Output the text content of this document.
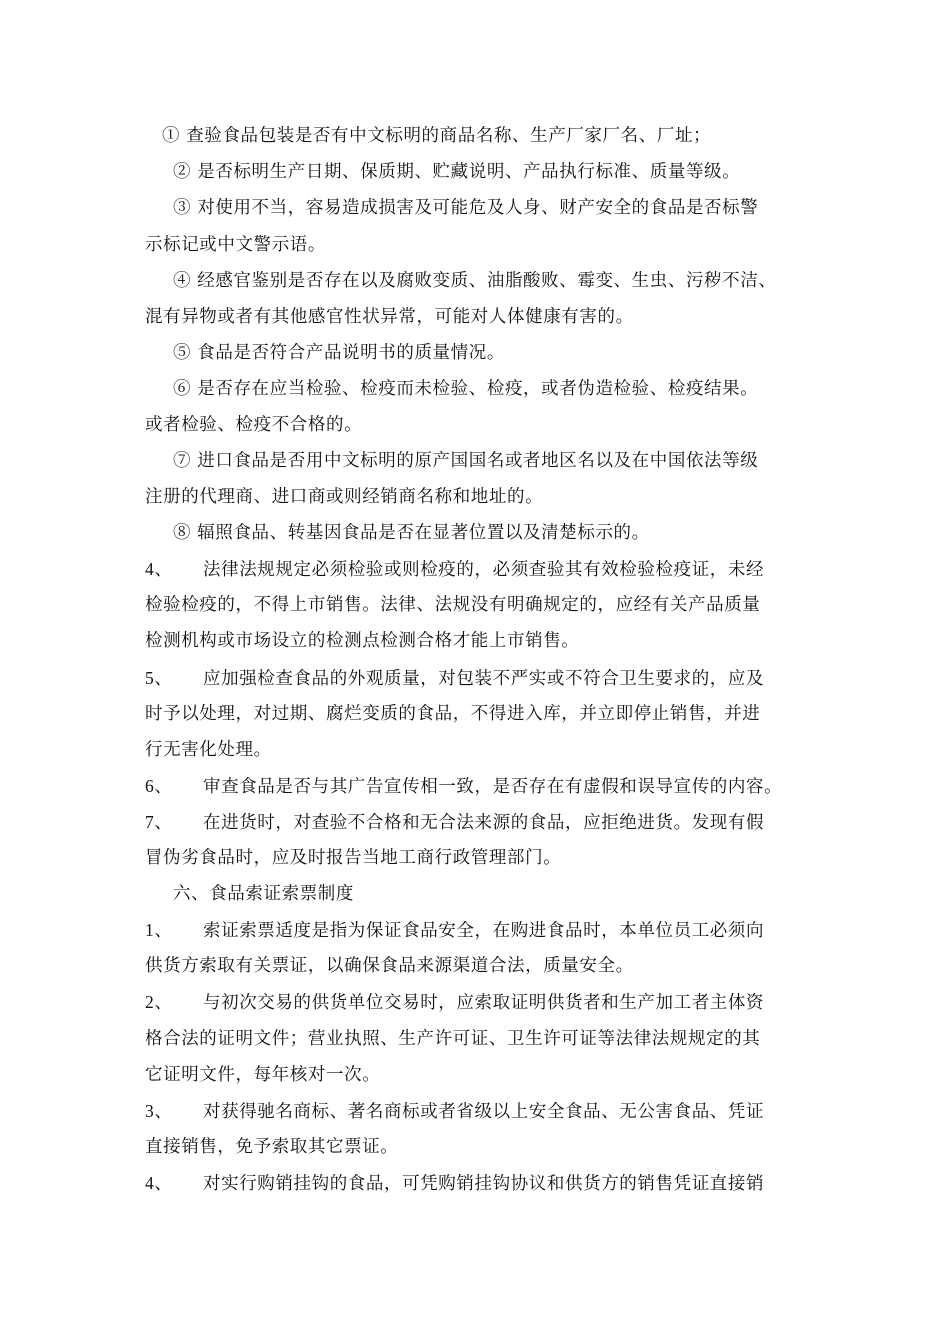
① 查验食品包装是否有中文标明的商品名称、生产厂家厂名、厂址；
② 是否标明生产日期、保质期、贮藏说明、产品执行标准、质量等级。
③ 对使用不当，容易造成损害及可能危及人身、财产安全的食品是否标警
示标记或中文警示语。
④ 经感官鉴别是否存在以及腐败变质、油脂酸败、霉变、生虫、污秽不洁、
混有异物或者有其他感官性状异常，可能对人体健康有害的。
⑤ 食品是否符合产品说明书的质量情况。
⑥ 是否存在应当检验、检疫而未检验、检疫，或者伪造检验、检疫结果。
或者检验、检疫不合格的。
⑦ 进口食品是否用中文标明的原产国国名或者地区名以及在中国依法等级
注册的代理商、进口商或则经销商名称和地址的。
⑧ 辐照食品、转基因食品是否在显著位置以及清楚标示的。
4、 法律法规规定必须检验或则检疫的，必须查验其有效检验检疫证，未经
检验检疫的，不得上市销售。法律、法规没有明确规定的，应经有关产品质量
检测机构或市场设立的检测点检测合格才能上市销售。
5、 应加强检查食品的外观质量，对包装不严实或不符合卫生要求的，应及
时予以处理，对过期、腐烂变质的食品，不得进入库，并立即停止销售，并进
行无害化处理。
6、 审查食品是否与其广告宣传相一致，是否存在有虚假和误导宣传的内容。
7、 在进货时，对查验不合格和无合法来源的食品，应拒绝进货。发现有假
冒伪劣食品时，应及时报告当地工商行政管理部门。
六、食品索证索票制度
1、 索证索票适度是指为保证食品安全，在购进食品时，本单位员工必须向
供货方索取有关票证，以确保食品来源渠道合法，质量安全。
2、 与初次交易的供货单位交易时，应索取证明供货者和生产加工者主体资
格合法的证明文件；营业执照、生产许可证、卫生许可证等法律法规规定的其
它证明文件，每年核对一次。
3、 对获得驰名商标、著名商标或者省级以上安全食品、无公害食品、凭证
直接销售，免予索取其它票证。
4、 对实行购销挂钩的食品，可凭购销挂钩协议和供货方的销售凭证直接销
